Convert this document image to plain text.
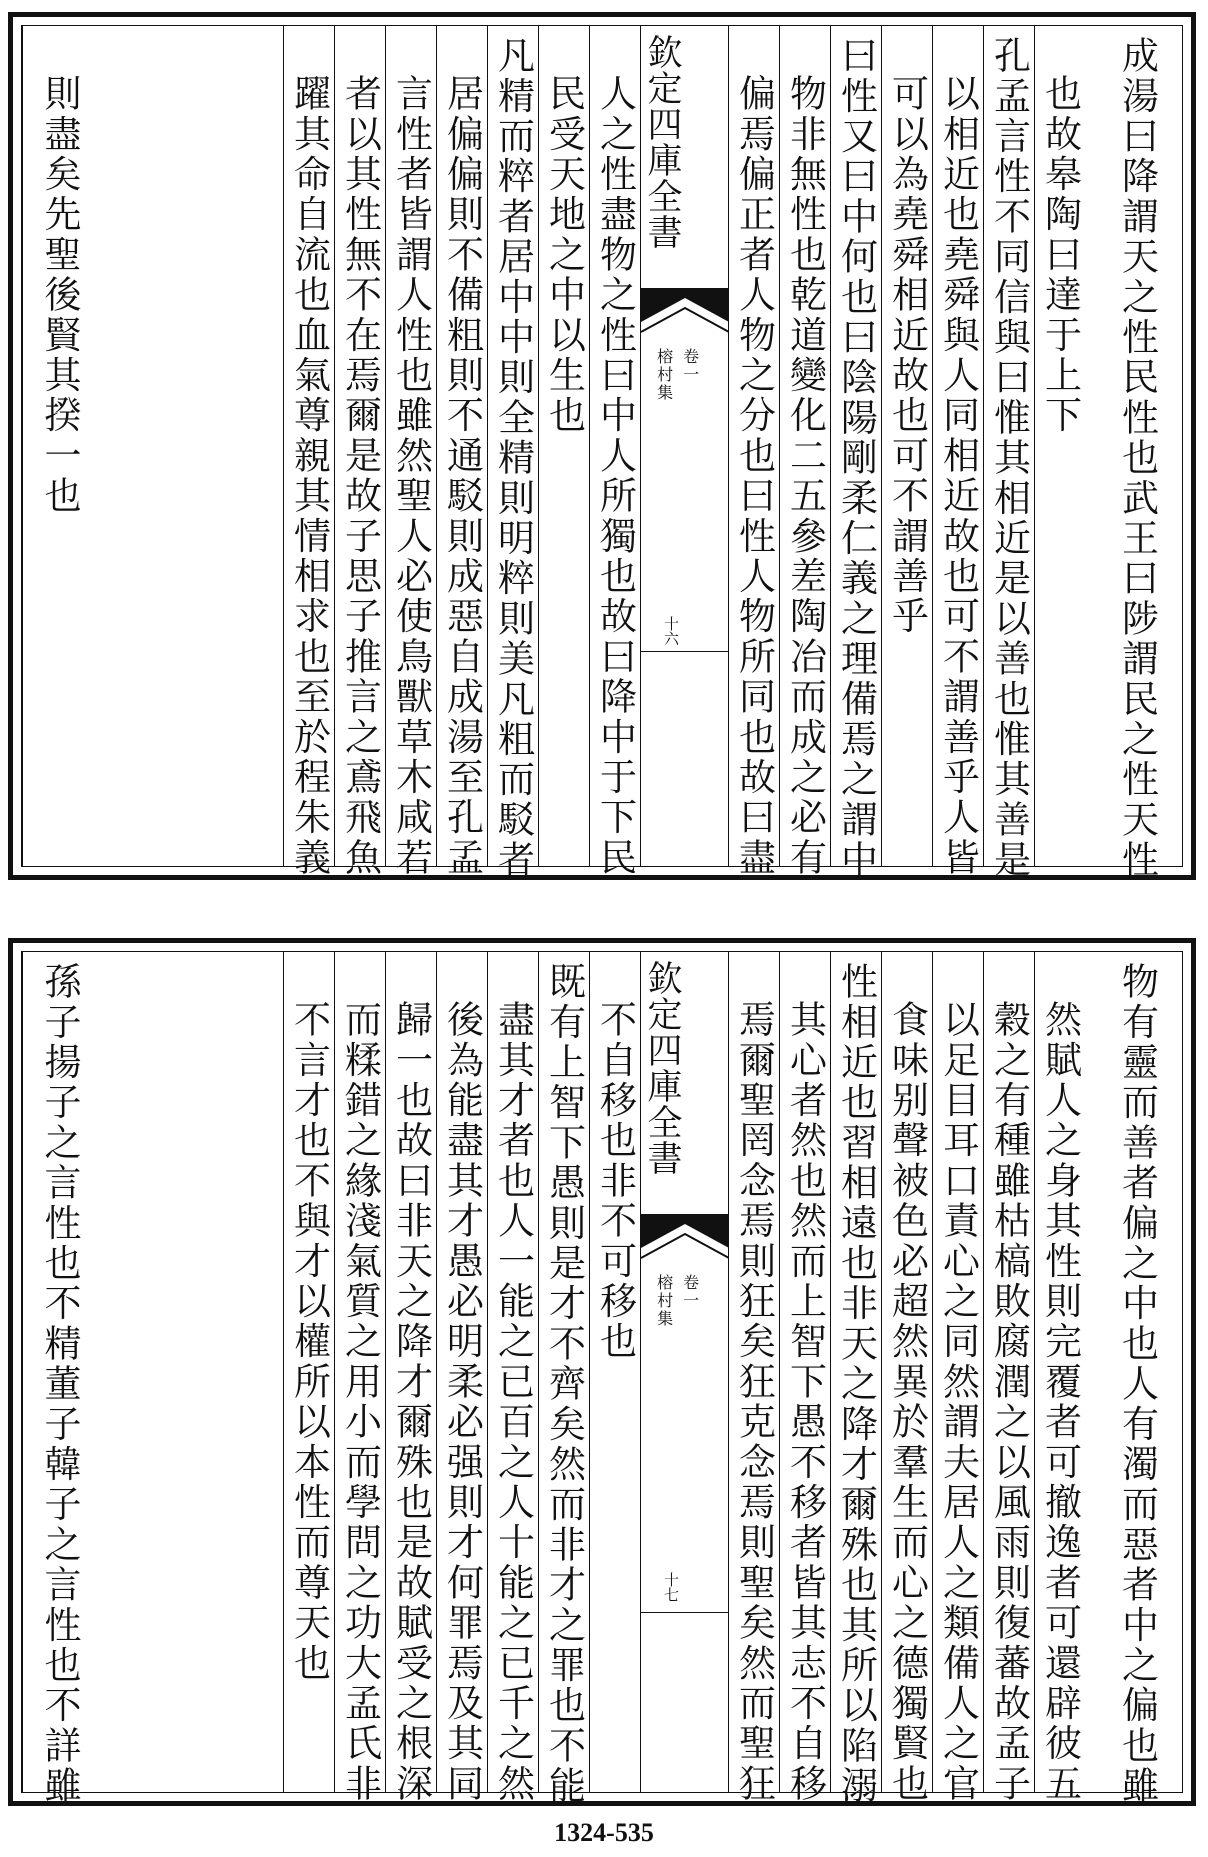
成湯曰降謂天之性民性也武王曰陟謂民之性天性
也故皋陶曰達于上下
孔孟言性不同信與曰惟其相近是以善也惟其善是
以相近也堯舜與人同相近故也可不謂善乎人皆
可以為堯舜相近故也可不謂善乎
曰性又曰中何也曰陰陽剛柔仁義之理備焉之謂中
物非無性也乾道變化二五參差陶冶而成之必有
偏焉偏正者人物之分也曰性人物所同也故曰盡
欽定四庫全書
榕村集 卷一
十六
人之性盡物之性曰中人所獨也故曰降中于下民
民受天地之中以生也
凡精而粹者居中中則全精則明粹則美凡粗而駁者
居偏偏則不備粗則不通駁則成惡自成湯至孔孟
言性者皆謂人性也雖然聖人必使鳥獸草木咸若
者以其性無不在焉爾是故子思子推言之鳶飛魚
躍其命自流也血氣尊親其情相求也至於程朱義
則盡矣先聖後賢其揆一也
物有靈而善者偏之中也人有濁而惡者中之偏也雖
然賦人之身其性則完覆者可撤逸者可還辟彼五
穀之有種雖枯槁敗腐潤之以風雨則復蕃故孟子
以足目耳口責心之同然謂夫居人之類備人之官
食味别聲被色必超然異於羣生而心之德獨賢也
性相近也習相遠也非天之降才爾殊也其所以陷溺
其心者然也然而上智下愚不移者皆其志不自移
焉爾聖罔念焉則狂矣狂克念焉則聖矣然而聖狂
欽定四庫全書
榕村集 卷一
十七
不自移也非不可移也
既有上智下愚則是才不齊矣然而非才之罪也不能
盡其才者也人一能之已百之人十能之已千之然
後為能盡其才愚必明柔必强則才何罪焉及其同
歸一也故曰非天之降才爾殊也是故賦受之根深
而糅錯之緣淺氣質之用小而學問之功大孟氏非
不言才也不與才以權所以本性而尊天也
孫子揚子之言性也不精董子韓子之言性也不詳雖
1324-535
